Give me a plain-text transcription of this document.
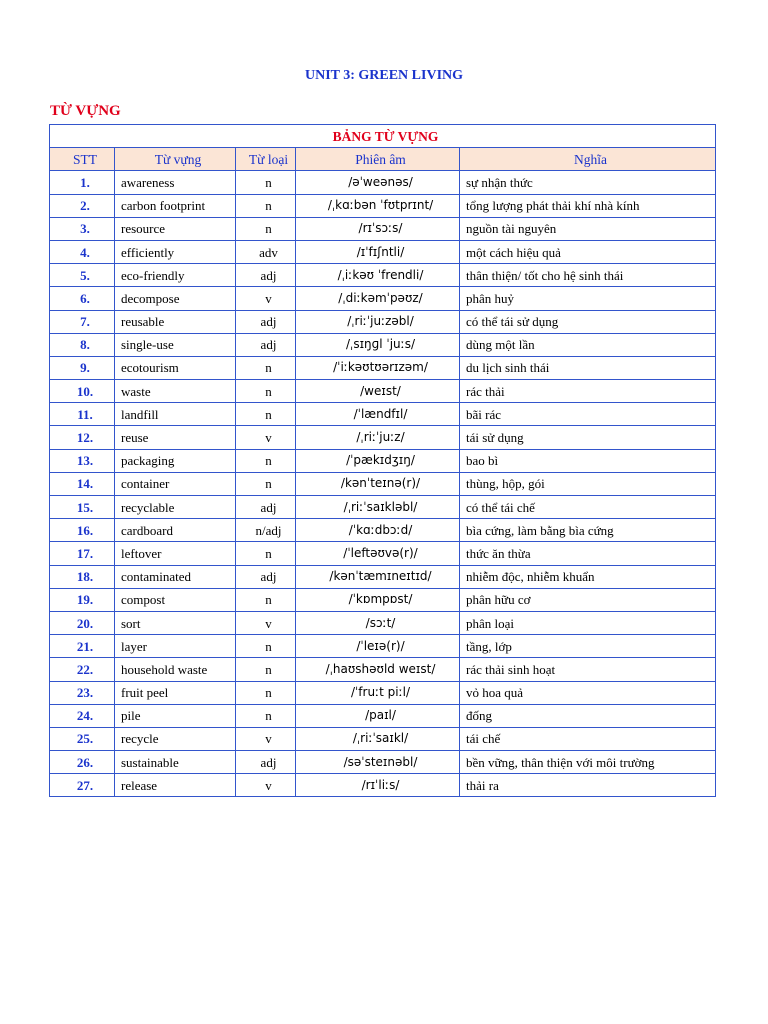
UNIT 3: GREEN LIVING
TỪ VỰNG
BẢNG TỪ VỰNG				
STT	Từ vựng	Từ loại	Phiên âm	Nghĩa
1.	awareness	n	/əˈweənəs/	sự nhận thức
2.	carbon footprint	n	/ˌkɑːbən ˈfʊtprɪnt/	tổng lượng phát thải khí nhà kính
3.	resource	n	/rɪˈsɔːs/	nguồn tài nguyên
4.	efficiently	adv	/ɪˈfɪʃntli/	một cách hiệu quả
5.	eco-friendly	adj	/ˌiːkəʊ ˈfrendli/	thân thiện/ tốt cho hệ sinh thái
6.	decompose	v	/ˌdiːkəmˈpəʊz/	phân huỷ
7.	reusable	adj	/ˌriːˈjuːzəbl/	có thể tái sử dụng
8.	single-use	adj	/ˌsɪŋɡl ˈjuːs/	dùng một lần
9.	ecotourism	n	/ˈiːkəʊtʊərɪzəm/	du lịch sinh thái
10.	waste	n	/weɪst/	rác thải
11.	landfill	n	/ˈlændfɪl/	bãi rác
12.	reuse	v	/ˌriːˈjuːz/	tái sử dụng
13.	packaging	n	/ˈpækɪdʒɪŋ/	bao bì
14.	container	n	/kənˈteɪnə(r)/	thùng, hộp, gói
15.	recyclable	adj	/ˌriːˈsaɪkləbl/	có thể tái chế
16.	cardboard	n/adj	/ˈkɑːdbɔːd/	bìa cứng, làm bằng bìa cứng
17.	leftover	n	/ˈleftəʊvə(r)/	thức ăn thừa
18.	contaminated	adj	/kənˈtæmɪneɪtɪd/	nhiễm độc, nhiễm khuẩn
19.	compost	n	/ˈkɒmpɒst/	phân hữu cơ
20.	sort	v	/sɔːt/	phân loại
21.	layer	n	/ˈleɪə(r)/	tầng, lớp
22.	household waste	n	/ˌhaʊshəʊld weɪst/	rác thải sinh hoạt
23.	fruit peel	n	/ˈfruːt piːl/	vỏ hoa quả
24.	pile	n	/paɪl/	đống
25.	recycle	v	/ˌriːˈsaɪkl/	tái chế
26.	sustainable	adj	/səˈsteɪnəbl/	bền vững, thân thiện với môi trường
27.	release	v	/rɪˈliːs/	thải ra
